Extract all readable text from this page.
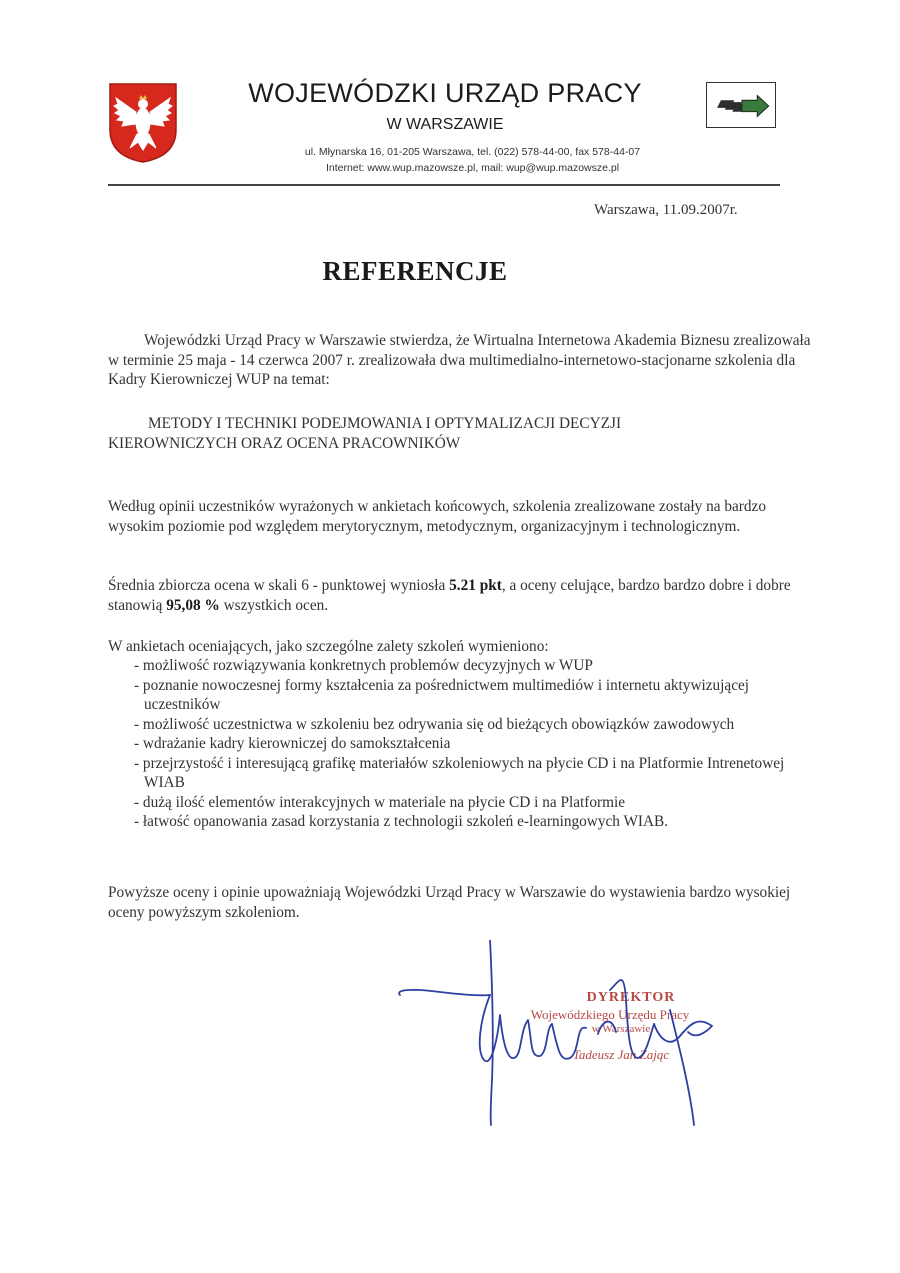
WOJEWÓDZKI URZĄD PRACY
W WARSZAWIE
ul. Młynarska 16, 01-205 Warszawa, tel. (022) 578-44-00, fax 578-44-07
Internet: www.wup.mazowsze.pl, mail: wup@wup.mazowsze.pl
Warszawa, 11.09.2007r.
REFERENCJE
Wojewódzki Urząd Pracy w Warszawie stwierdza, że Wirtualna Internetowa Akademia Biznesu zrealizowała w terminie 25 maja - 14 czerwca 2007 r. zrealizowała dwa multimedialno-internetowo-stacjonarne szkolenia dla Kadry Kierowniczej WUP na temat:
METODY I TECHNIKI PODEJMOWANIA I OPTYMALIZACJI DECYZJI
KIEROWNICZYCH ORAZ OCENA PRACOWNIKÓW
Według opinii uczestników wyrażonych w ankietach końcowych, szkolenia zrealizowane zostały na bardzo wysokim poziomie pod względem merytorycznym, metodycznym, organizacyjnym i technologicznym.
Średnia zbiorcza ocena w skali 6 - punktowej wyniosła 5.21 pkt, a oceny celujące, bardzo bardzo dobre i dobre stanowią 95,08 % wszystkich ocen.
W ankietach oceniających, jako szczególne zalety szkoleń wymieniono:
- możliwość rozwiązywania konkretnych problemów decyzyjnych w WUP
- poznanie nowoczesnej formy kształcenia za pośrednictwem multimediów i internetu aktywizującej uczestników
- możliwość uczestnictwa w szkoleniu bez odrywania się od bieżących obowiązków zawodowych
- wdrażanie kadry kierowniczej do samokształcenia
- przejrzystość i interesującą grafikę materiałów szkoleniowych na płycie CD i na Platformie Intrenetowej WIAB
- dużą ilość elementów interakcyjnych w materiale na płycie CD i na Platformie
- łatwość opanowania zasad korzystania z technologii szkoleń e-learningowych WIAB.
Powyższe oceny i opinie upoważniają Wojewódzki Urząd Pracy w Warszawie do wystawienia bardzo wysokiej oceny powyższym szkoleniom.
DYREKTOR
Wojewódzkiego Urzędu Pracy
w Warszawie
Tadeusz Jan Zając
